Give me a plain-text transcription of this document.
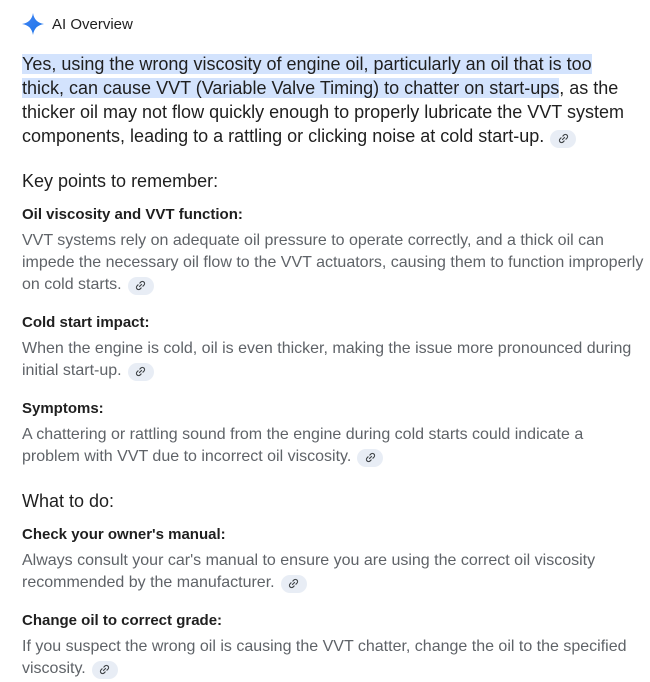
AI Overview
Yes, using the wrong viscosity of engine oil, particularly an oil that is too
thick, can cause VVT (Variable Valve Timing) to chatter on start-ups, as the
thicker oil may not flow quickly enough to properly lubricate the VVT system
components, leading to a rattling or clicking noise at cold start-up.
Key points to remember:
Oil viscosity and VVT function:
VVT systems rely on adequate oil pressure to operate correctly, and a thick oil can
impede the necessary oil flow to the VVT actuators, causing them to function improperly
on cold starts.
Cold start impact:
When the engine is cold, oil is even thicker, making the issue more pronounced during
initial start-up.
Symptoms:
A chattering or rattling sound from the engine during cold starts could indicate a
problem with VVT due to incorrect oil viscosity.
What to do:
Check your owner's manual:
Always consult your car's manual to ensure you are using the correct oil viscosity
recommended by the manufacturer.
Change oil to correct grade:
If you suspect the wrong oil is causing the VVT chatter, change the oil to the specified
viscosity.
